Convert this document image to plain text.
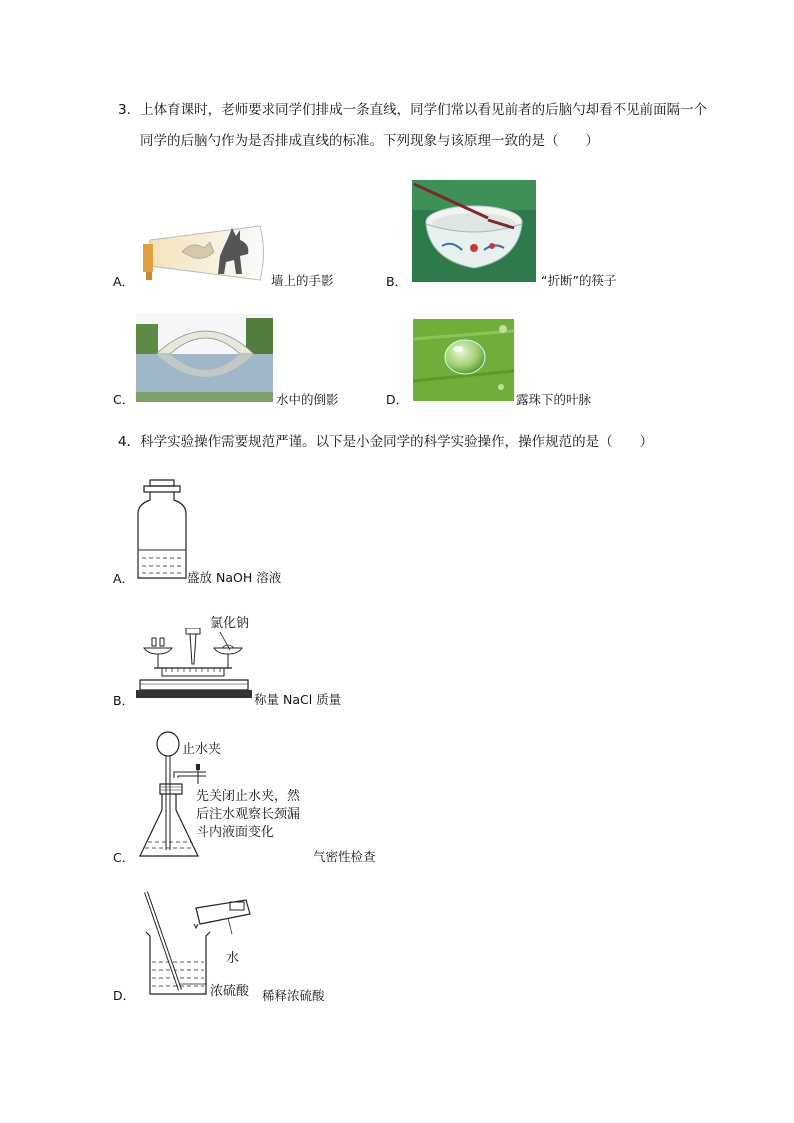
3．上体育课时，老师要求同学们排成一条直线，同学们常以看见前者的后脑勺却看不见前面隔一个
同学的后脑勺作为是否排成直线的标准。下列现象与该原理一致的是（　　）
A．	墙上的手影	B．	“折断”的筷子
C．	水中的倒影	D．	露珠下的叶脉
4．科学实验操作需要规范严谨。以下是小金同学的科学实验操作，操作规范的是（　　）
A．	盛放 NaOH 溶液
氯化钠
B．	称量 NaCl 质量
止水夹
先关闭止水夹，然
后注水观察长颈漏
斗内液面变化
C．	气密性检查
水
浓硫酸
D．	稀释浓硫酸
